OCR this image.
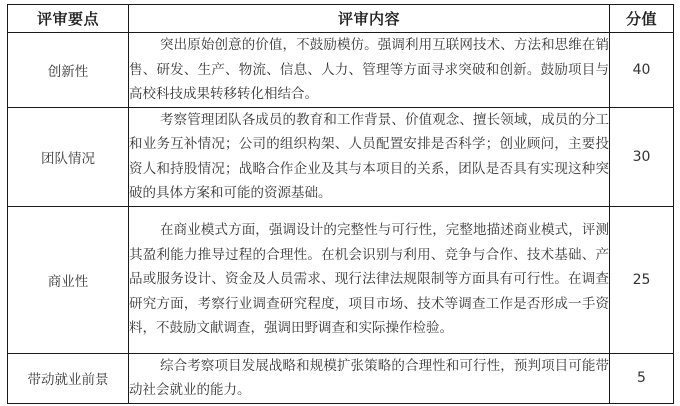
评审要点	评审内容	分值
创新性	突出原始创意的价值，不鼓励模仿。强调利用互联网技术、方法和思维在销售、研发、生产、物流、信息、人力、管理等方面寻求突破和创新。鼓励项目与高校科技成果转移转化相结合。	40
团队情况	考察管理团队各成员的教育和工作背景、价值观念、擅长领域，成员的分工和业务互补情况；公司的组织构架、人员配置安排是否科学；创业顾问，主要投资人和持股情况；战略合作企业及其与本项目的关系，团队是否具有实现这种突破的具体方案和可能的资源基础。	30
商业性	在商业模式方面，强调设计的完整性与可行性，完整地描述商业模式，评测其盈利能力推导过程的合理性。在机会识别与利用、竞争与合作、技术基础、产品或服务设计、资金及人员需求、现行法律法规限制等方面具有可行性。在调查研究方面，考察行业调查研究程度，项目市场、技术等调查工作是否形成一手资料，不鼓励文献调查，强调田野调查和实际操作检验。	25
带动就业前景	综合考察项目发展战略和规模扩张策略的合理性和可行性，预判项目可能带动社会就业的能力。	5
